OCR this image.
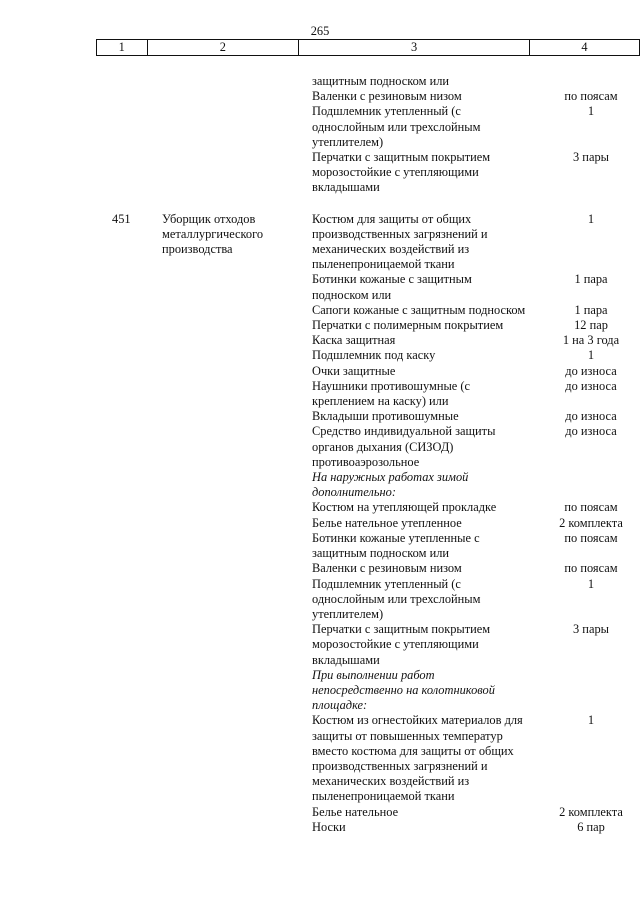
265
1	2	3	4
защитным подноском или
Валенки с резиновым низом	по поясам
Подшлемник утепленный (с	1
однослойным или трехслойным
утеплителем)
Перчатки с защитным покрытием	3 пары
морозостойкие с утепляющими
вкладышами
451	Уборщик отходов	Костюм для защиты от общих	1
металлургического	производственных загрязнений и
производства	механических воздействий из
пыленепроницаемой ткани
Ботинки кожаные с защитным	1 пара
подноском или
Сапоги кожаные с защитным подноском	1 пара
Перчатки с полимерным покрытием	12 пар
Каска защитная	1 на 3 года
Подшлемник под каску	1
Очки защитные	до износа
Наушники противошумные (с	до износа
креплением на каску) или
Вкладыши противошумные	до износа
Средство индивидуальной защиты	до износа
органов дыхания (СИЗОД)
противоаэрозольное
На наружных работах зимой
дополнительно:
Костюм на утепляющей прокладке	по поясам
Белье нательное утепленное	2 комплекта
Ботинки кожаные утепленные с	по поясам
защитным подноском или
Валенки с резиновым низом	по поясам
Подшлемник утепленный (с	1
однослойным или трехслойным
утеплителем)
Перчатки с защитным покрытием	3 пары
морозостойкие с утепляющими
вкладышами
При выполнении работ
непосредственно на колотниковой
площадке:
Костюм из огнестойких материалов для	1
защиты от повышенных температур
вместо костюма для защиты от общих
производственных загрязнений и
механических воздействий из
пыленепроницаемой ткани
Белье нательное	2 комплекта
Носки	6 пар
